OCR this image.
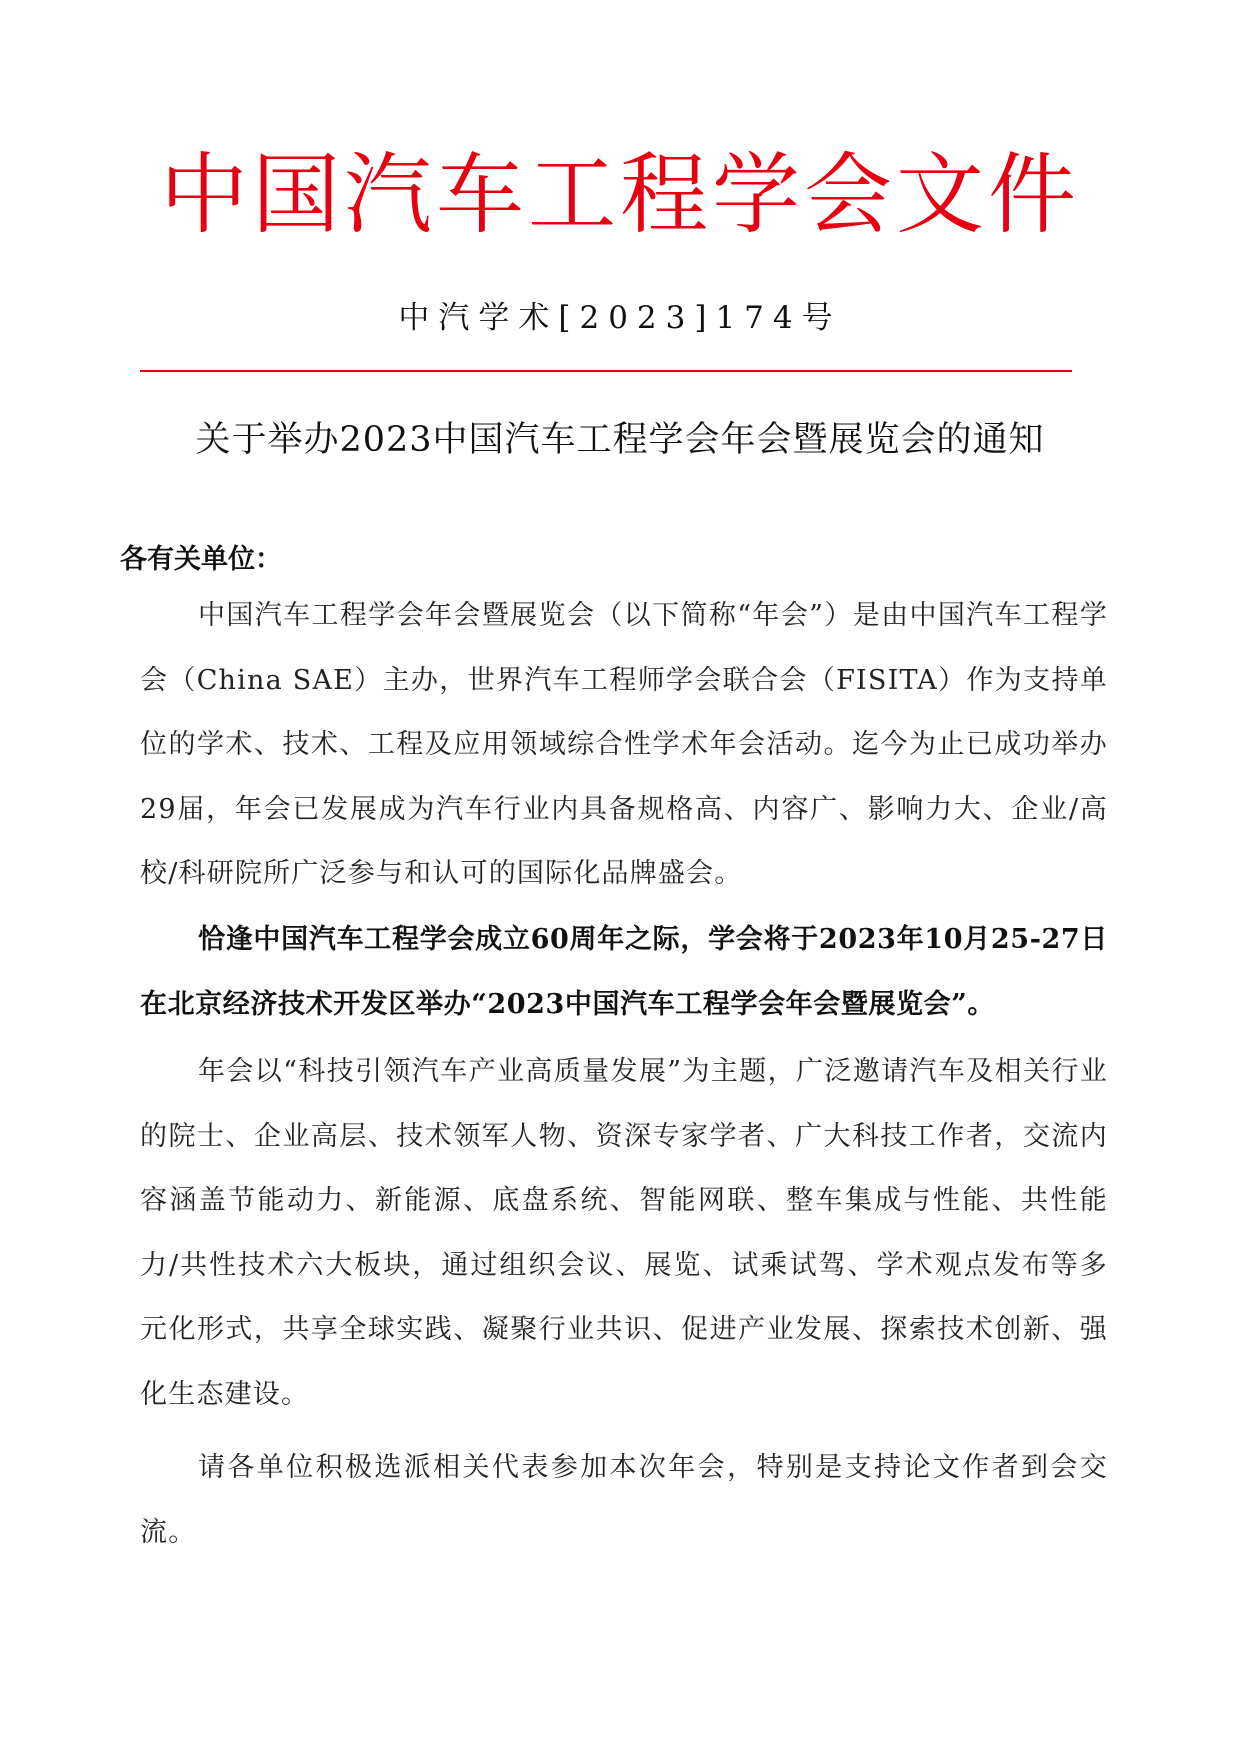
中国汽车工程学会文件
中汽学术[2023]174号
关于举办2023中国汽车工程学会年会暨展览会的通知
各有关单位：

中国汽车工程学会年会暨展览会（以下简称“年会”）是由中国汽车工程学会（China SAE）主办，世界汽车工程师学会联合会（FISITA）作为支持单位的学术、技术、工程及应用领域综合性学术年会活动。迄今为止已成功举办29届，年会已发展成为汽车行业内具备规格高、内容广、影响力大、企业/高校/科研院所广泛参与和认可的国际化品牌盛会。

恰逢中国汽车工程学会成立60周年之际，学会将于2023年10月25-27日在北京经济技术开发区举办“2023中国汽车工程学会年会暨展览会”。

年会以“科技引领汽车产业高质量发展”为主题，广泛邀请汽车及相关行业的院士、企业高层、技术领军人物、资深专家学者、广大科技工作者，交流内容涵盖节能动力、新能源、底盘系统、智能网联、整车集成与性能、共性能力/共性技术六大板块，通过组织会议、展览、试乘试驾、学术观点发布等多元化形式，共享全球实践、凝聚行业共识、促进产业发展、探索技术创新、强化生态建设。

请各单位积极选派相关代表参加本次年会，特别是支持论文作者到会交流。
